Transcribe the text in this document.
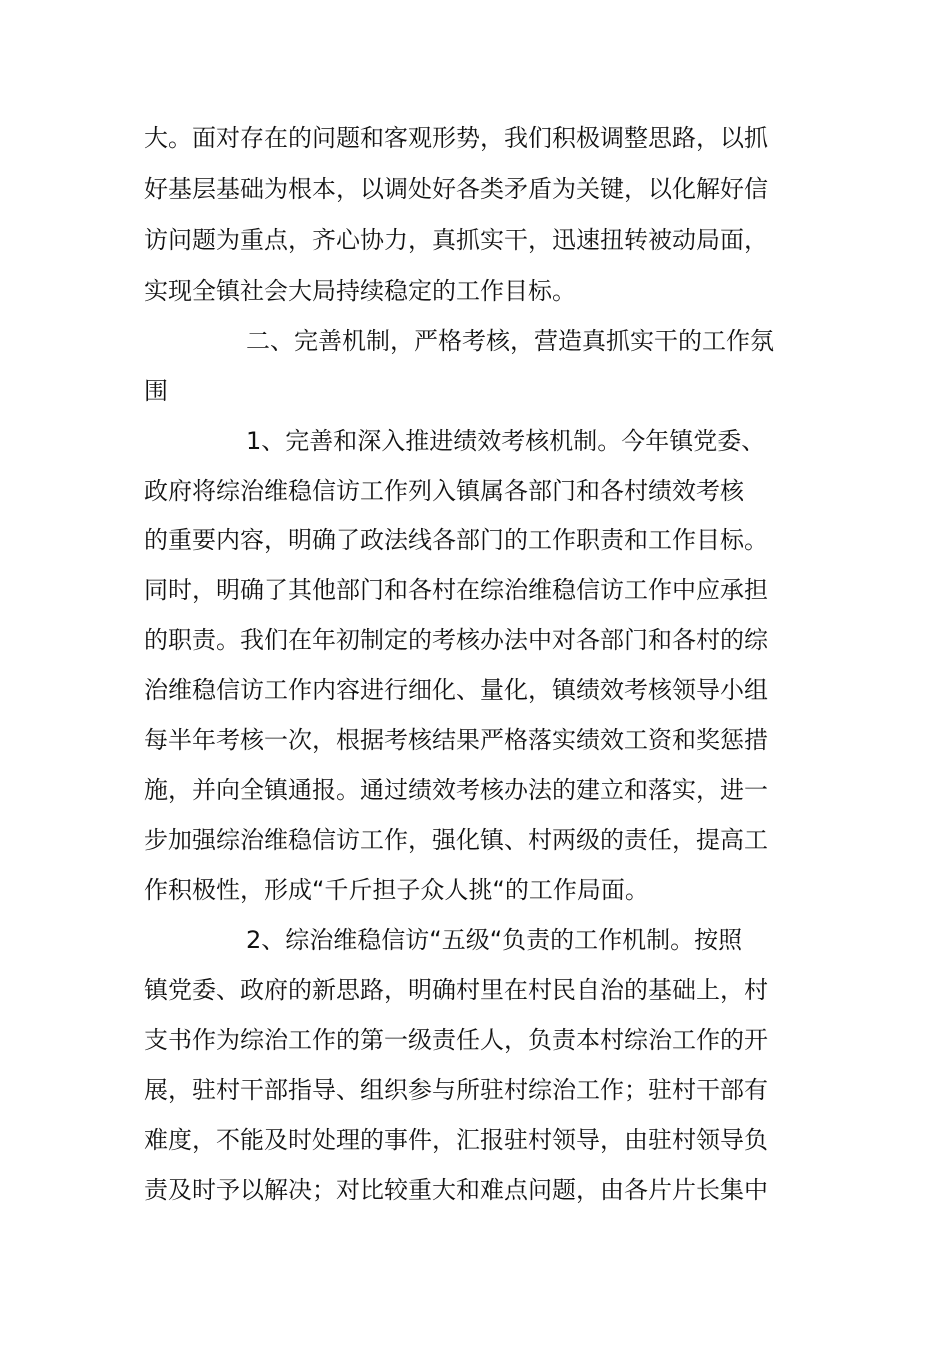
大。面对存在的问题和客观形势，我们积极调整思路，以抓
好基层基础为根本，以调处好各类矛盾为关键，以化解好信
访问题为重点，齐心协力，真抓实干，迅速扭转被动局面，
实现全镇社会大局持续稳定的工作目标。
二、完善机制，严格考核，营造真抓实干的工作氛
围
1、完善和深入推进绩效考核机制。今年镇党委、
政府将综治维稳信访工作列入镇属各部门和各村绩效考核
的重要内容，明确了政法线各部门的工作职责和工作目标。
同时，明确了其他部门和各村在综治维稳信访工作中应承担
的职责。我们在年初制定的考核办法中对各部门和各村的综
治维稳信访工作内容进行细化、量化，镇绩效考核领导小组
每半年考核一次，根据考核结果严格落实绩效工资和奖惩措
施，并向全镇通报。通过绩效考核办法的建立和落实，进一
步加强综治维稳信访工作，强化镇、村两级的责任，提高工
作积极性，形成“千斤担子众人挑“的工作局面。
2、综治维稳信访“五级“负责的工作机制。按照
镇党委、政府的新思路，明确村里在村民自治的基础上，村
支书作为综治工作的第一级责任人，负责本村综治工作的开
展，驻村干部指导、组织参与所驻村综治工作；驻村干部有
难度，不能及时处理的事件，汇报驻村领导，由驻村领导负
责及时予以解决；对比较重大和难点问题，由各片片长集中
